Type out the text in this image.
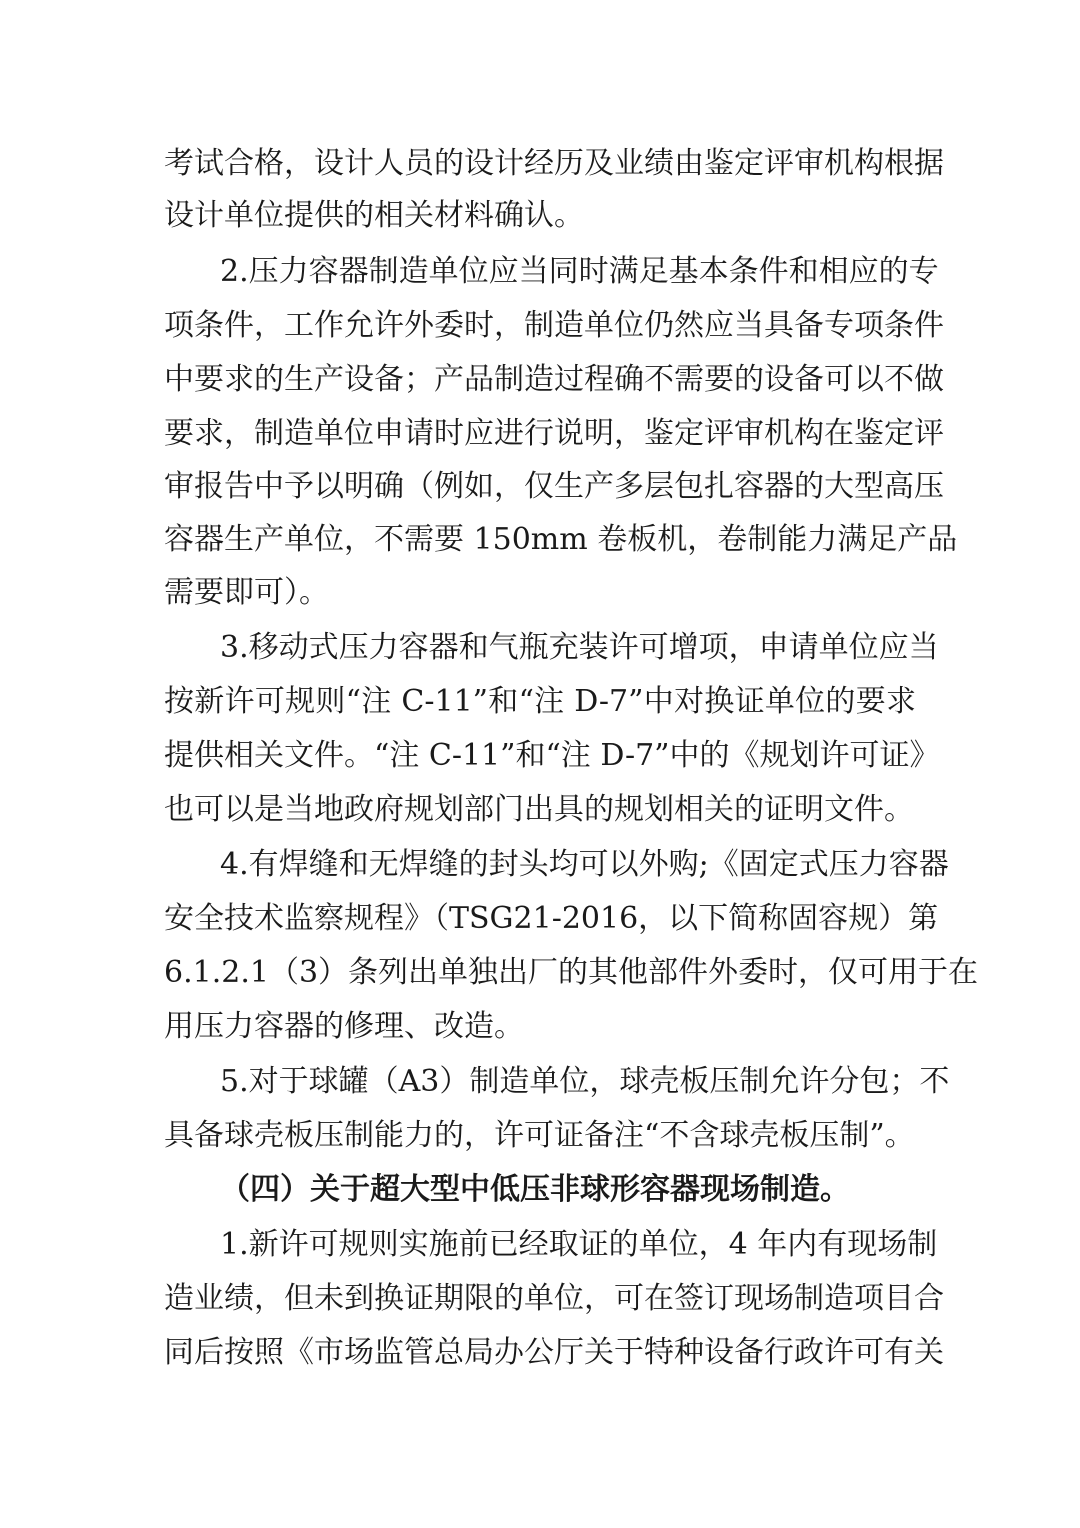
考试合格，设计人员的设计经历及业绩由鉴定评审机构根据
设计单位提供的相关材料确认。
2.压力容器制造单位应当同时满足基本条件和相应的专
项条件，工作允许外委时，制造单位仍然应当具备专项条件
中要求的生产设备；产品制造过程确不需要的设备可以不做
要求，制造单位申请时应进行说明，鉴定评审机构在鉴定评
审报告中予以明确（例如，仅生产多层包扎容器的大型高压
容器生产单位，不需要 150mm 卷板机，卷制能力满足产品
需要即可）。
3.移动式压力容器和气瓶充装许可增项，申请单位应当
按新许可规则“注 C-11”和“注 D-7”中对换证单位的要求
提供相关文件。“注 C-11”和“注 D-7”中的《规划许可证》
也可以是当地政府规划部门出具的规划相关的证明文件。
4.有焊缝和无焊缝的封头均可以外购;《固定式压力容器
安全技术监察规程》（TSG21-2016，以下简称固容规）第
6.1.2.1（3）条列出单独出厂的其他部件外委时，仅可用于在
用压力容器的修理、改造。
5.对于球罐（A3）制造单位，球壳板压制允许分包；不
具备球壳板压制能力的，许可证备注“不含球壳板压制”。
（四）关于超大型中低压非球形容器现场制造。
1.新许可规则实施前已经取证的单位，4 年内有现场制
造业绩，但未到换证期限的单位，可在签订现场制造项目合
同后按照《市场监管总局办公厅关于特种设备行政许可有关
